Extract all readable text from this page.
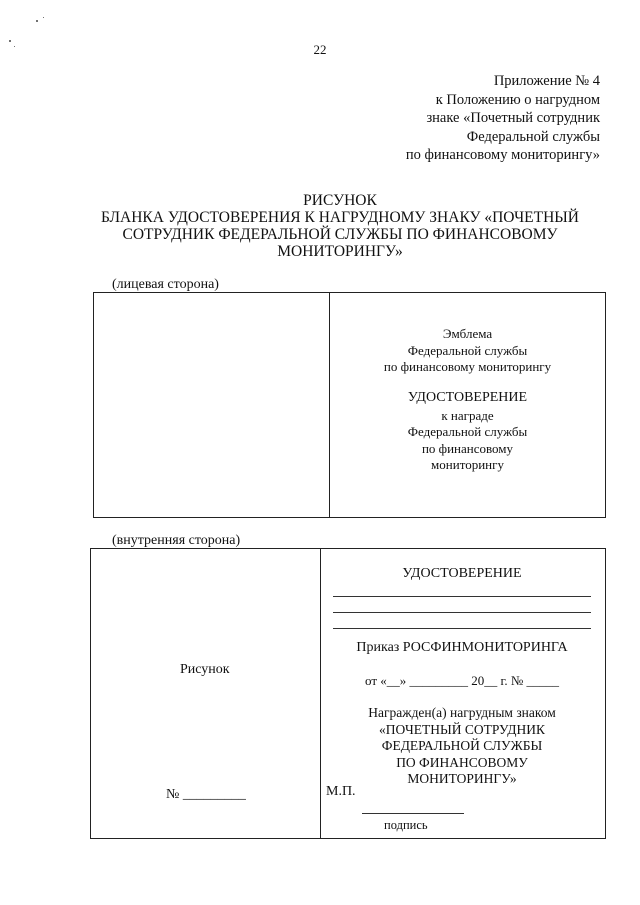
22
Приложение № 4
к Положению о нагрудном
знаке «Почетный сотрудник
Федеральной службы
по финансовому мониторингу»
РИСУНОК
БЛАНКА УДОСТОВЕРЕНИЯ К НАГРУДНОМУ ЗНАКУ «ПОЧЕТНЫЙ
СОТРУДНИК ФЕДЕРАЛЬНОЙ СЛУЖБЫ ПО ФИНАНСОВОМУ
МОНИТОРИНГУ»
(лицевая сторона)
Эмблема
Федеральной службы
по финансовому мониторингу
УДОСТОВЕРЕНИЕ
к награде
Федеральной службы
по финансовому
мониторингу
(внутренняя сторона)
Рисунок
№ _________
УДОСТОВЕРЕНИЕ
Приказ РОСФИНМОНИТОРИНГА
от «__» _________ 20__ г. № _____
Награжден(а) нагрудным знаком
«ПОЧЕТНЫЙ СОТРУДНИК
ФЕДЕРАЛЬНОЙ СЛУЖБЫ
ПО ФИНАНСОВОМУ
МОНИТОРИНГУ»
М.П.
подпись
